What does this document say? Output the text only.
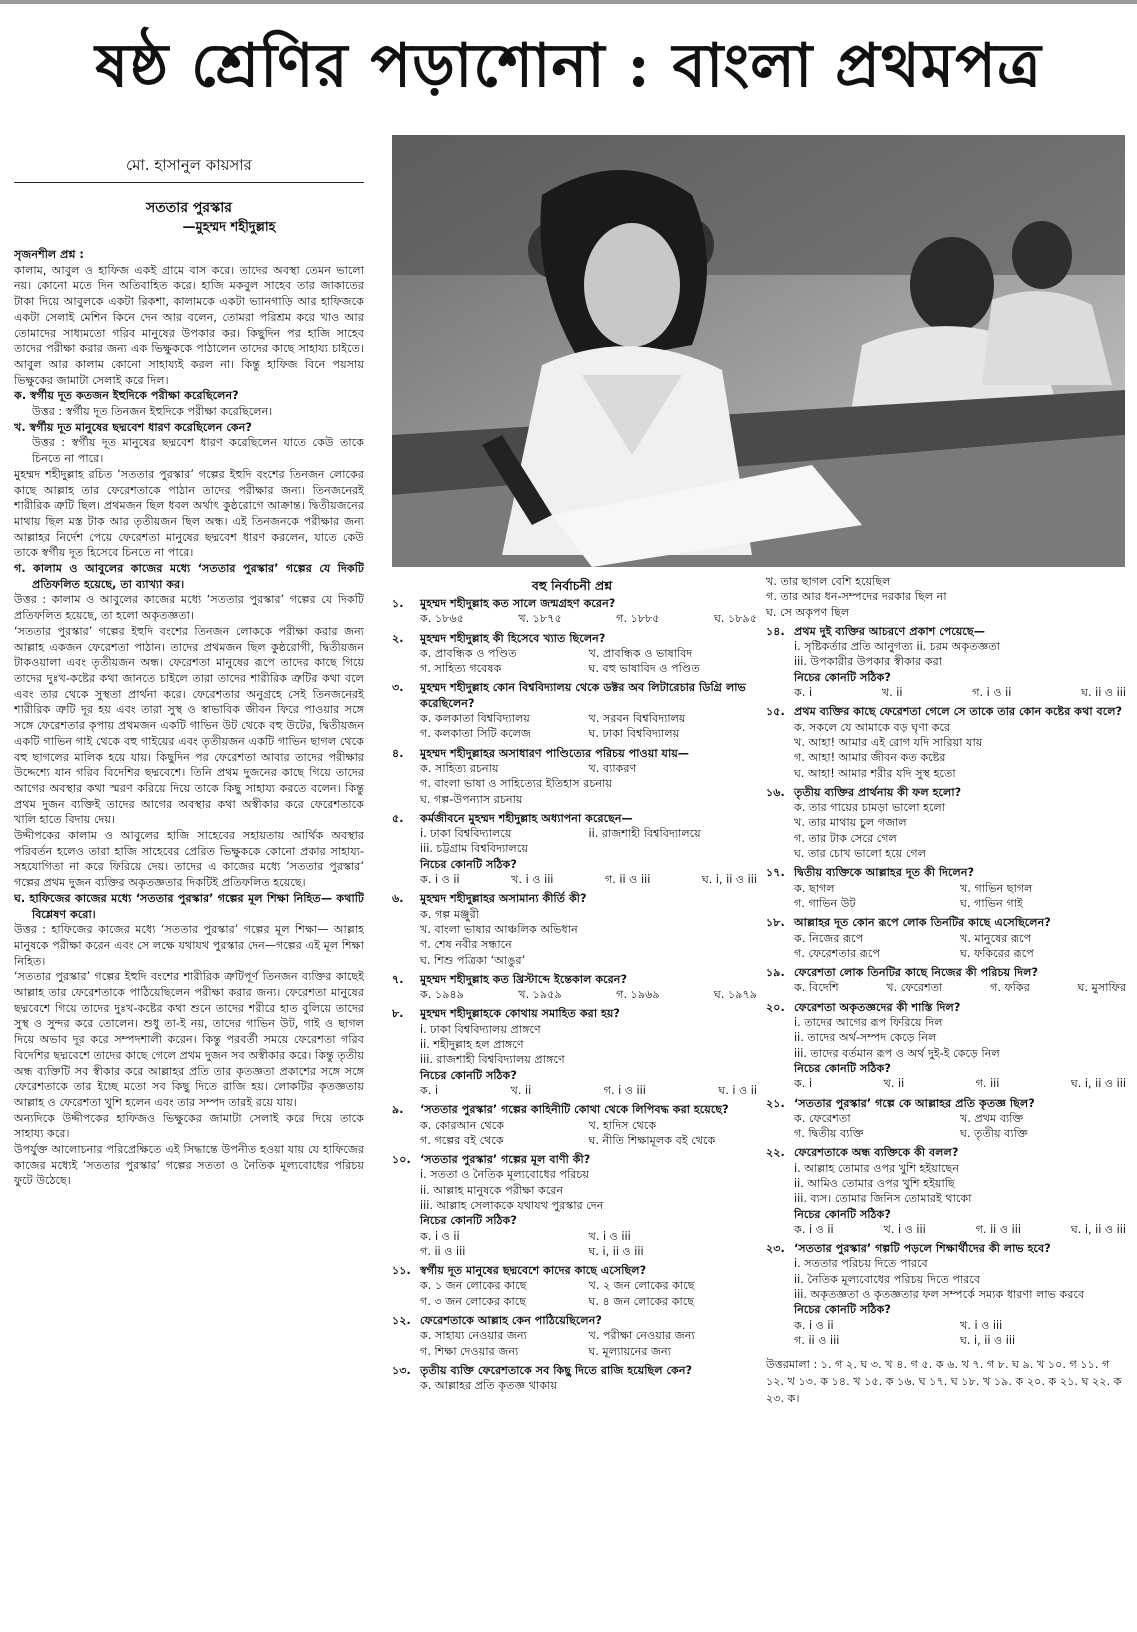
ষষ্ঠ শ্রেণির পড়াশোনা : বাংলা প্রথমপত্র
মো. হাসানুল কায়সার
সততার পুরস্কার
—মুহম্মদ শহীদুল্লাহ

সৃজনশীল প্রশ্ন :

কালাম, আবুল ও হাফিজ একই গ্রামে বাস করে। তাদের অবস্থা তেমন ভালো নয়। কোনো মতে দিন অতিবাহিত করে। হাজি মকবুল সাহেব তার জাকাতের টাকা দিয়ে আবুলকে একটা রিকশা, কালামকে একটা ভ্যানগাড়ি আর হাফিজকে একটা সেলাই মেশিন কিনে দেন আর বলেন, তোমরা পরিশ্রম করে খাও আর তোমাদের সাধ্যমতো গরিব মানুষের উপকার কর। কিছুদিন পর হাজি সাহেব তাদের পরীক্ষা করার জন্য এক ভিক্ষুককে পাঠালেন তাদের কাছে সাহায্য চাইতে। আবুল আর কালাম কোনো সাহায্যই করল না। কিন্তু হাফিজ বিনে পয়সায় ভিক্ষুকের জামাটা সেলাই করে দিল।

ক. স্বর্গীয় দূত কতজন ইহুদিকে পরীক্ষা করেছিলেন?

উত্তর : স্বর্গীয় দূত তিনজন ইহুদিকে পরীক্ষা করেছিলেন।

খ. স্বর্গীয় দূত মানুষের ছদ্মবেশ ধারণ করেছিলেন কেন?

উত্তর : স্বর্গীয় দূত মানুষের ছদ্মবেশ ধারণ করেছিলেন যাতে কেউ তাকে চিনতে না পারে।

মুহম্মদ শহীদুল্লাহ রচিত ‘সততার পুরস্কার’ গল্পের ইহুদি বংশের তিনজন লোকের কাছে আল্লাহ তার ফেরেশতাকে পাঠান তাদের পরীক্ষার জন্য। তিনজনেরই শারীরিক ত্রুটি ছিল। প্রথমজন ছিল ধবল অর্থাৎ কুষ্ঠরোগে আক্রান্ত। দ্বিতীয়জনের মাথায় ছিল মস্ত টাক আর তৃতীয়জন ছিল অন্ধ। এই তিনজনকে পরীক্ষার জন্য আল্লাহর নির্দেশ পেয়ে ফেরেশতা মানুষের ছদ্মবেশ ধারণ করলেন, যাতে কেউ তাকে স্বর্গীয় দূত হিসেবে চিনতে না পারে।

গ. কালাম ও আবুলের কাজের মধ্যে ‘সততার পুরস্কার’ গল্পের যে দিকটি প্রতিফলিত হয়েছে, তা ব্যাখ্যা কর।

উত্তর : কালাম ও আবুলের কাজের মধ্যে ‘সততার পুরস্কার’ গল্পের যে দিকটি প্রতিফলিত হয়েছে, তা হলো অকৃতজ্ঞতা।

‘সততার পুরস্কার’ গল্পের ইহুদি বংশের তিনজন লোককে পরীক্ষা করার জন্য আল্লাহ একজন ফেরেশতা পাঠান। তাদের প্রথমজন ছিল কুষ্ঠরোগী, দ্বিতীয়জন টাকওয়ালা এবং তৃতীয়জন অন্ধ। ফেরেশতা মানুষের রূপে তাদের কাছে গিয়ে তাদের দুঃখ-কষ্টের কথা জানতে চাইলে তারা তাদের শারীরিক ত্রুটির কথা বলে এবং তার থেকে সুস্থতা প্রার্থনা করে। ফেরেশতার অনুগ্রহে সেই তিনজনেরই শারীরিক ত্রুটি দূর হয় এবং তারা সুস্থ ও স্বাভাবিক জীবন ফিরে পাওয়ার সঙ্গে সঙ্গে ফেরেশতার কৃপায় প্রথমজন একটি গাভিন উট থেকে বহু উটের, দ্বিতীয়জন একটি গাভিন গাই থেকে বহু গাইয়ের এবং তৃতীয়জন একটি গাভিন ছাগল থেকে বহু ছাগলের মালিক হয়ে যায়। কিছুদিন পর ফেরেশতা আবার তাদের পরীক্ষার উদ্দেশ্যে যান গরিব বিদেশির ছদ্মবেশে। তিনি প্রথম দুজনের কাছে গিয়ে তাদের আগের অবস্থার কথা স্মরণ করিয়ে দিয়ে তাকে কিছু সাহায্য করতে বলেন। কিন্তু প্রথম দুজন ব্যক্তিই তাদের আগের অবস্থার কথা অস্বীকার করে ফেরেশতাকে খালি হাতে বিদায় দেয়।

উদ্দীপকের কালাম ও আবুলের হাজি সাহেবের সহায়তায় আর্থিক অবস্থার পরিবর্তন হলেও তারা হাজি সাহেবের প্রেরিত ভিক্ষুককে কোনো প্রকার সাহায্য-সহযোগিতা না করে ফিরিয়ে দেয়। তাদের এ কাজের মধ্যে ‘সততার পুরস্কার’ গল্পের প্রথম দুজন ব্যক্তির অকৃতজ্ঞতার দিকটিই প্রতিফলিত হয়েছে।

ঘ. হাফিজের কাজের মধ্যে ‘সততার পুরস্কার’ গল্পের মূল শিক্ষা নিহিত— কথাটি বিশ্লেষণ করো।

উত্তর : হাফিজের কাজের মধ্যে ‘সততার পুরস্কার’ গল্পের মূল শিক্ষা— আল্লাহ মানুষকে পরীক্ষা করেন এবং সে লক্ষে যথাযথ পুরস্কার দেন—গল্পের এই মূল শিক্ষা নিহিত।

‘সততার পুরস্কার’ গল্পের ইহুদি বংশের শারীরিক ত্রুটিপূর্ণ তিনজন ব্যক্তির কাছেই আল্লাহ তার ফেরেশতাকে পাঠিয়েছিলেন পরীক্ষা করার জন্য। ফেরেশতা মানুষের ছদ্মবেশে গিয়ে তাদের দুঃখ-কষ্টের কথা শুনে তাদের শরীরে হাত বুলিয়ে তাদের সুস্থ ও সুন্দর করে তোলেন। শুধু তা-ই নয়, তাদের গাভিন উট, গাই ও ছাগল দিয়ে অভাব দূর করে সম্পদশালী করেন। কিন্তু পরবর্তী সময়ে ফেরেশতা গরিব বিদেশির ছদ্মবেশে তাদের কাছে গেলে প্রথম দুজন সব অস্বীকার করে। কিন্তু তৃতীয় অন্ধ ব্যক্তিটি সব স্বীকার করে আল্লাহর প্রতি তার কৃতজ্ঞতা প্রকাশের সঙ্গে সঙ্গে ফেরেশতাকে তার ইচ্ছে মতো সব কিছু দিতে রাজি হয়। লোকটির কৃতজ্ঞতায় আল্লাহ ও ফেরেশতা খুশি হলেন এবং তার সম্পদ তারই রয়ে যায়।

অন্যদিকে উদ্দীপকের হাফিজও ভিক্ষুকের জামাটা সেলাই করে দিয়ে তাকে সাহায্য করে।

উপর্যুক্ত আলোচনার পরিপ্রেক্ষিতে এই সিদ্ধান্তে উপনীত হওয়া যায় যে হাফিজের কাজের মধ্যেই ‘সততার পুরস্কার’ গল্পের সততা ও নৈতিক মূল্যবোধের পরিচয় ফুটে উঠেছে।

বহু নির্বাচনী প্রশ্ন
১.	মুহম্মদ শহীদুল্লাহ কত সালে জন্মগ্রহণ করেন?
ক. ১৮৬৫	খ. ১৮৭৫	গ. ১৮৮৫	ঘ. ১৮৯৫
২.	মুহম্মদ শহীদুল্লাহ কী হিসেবে খ্যাত ছিলেন?
ক. প্রাবন্ধিক ও পণ্ডিত	খ. প্রাবন্ধিক ও ভাষাবিদ
গ. সাহিত্য গবেষক	ঘ. বহু ভাষাবিদ ও পণ্ডিত
৩.	মুহম্মদ শহীদুল্লাহ কোন বিশ্ববিদ্যালয় থেকে ডক্টর অব লিটারেচার ডিগ্রি লাভ করেছিলেন?
ক. কলকাতা বিশ্ববিদ্যালয়	খ. সরবন বিশ্ববিদ্যালয়
গ. কলকাতা সিটি কলেজ	ঘ. ঢাকা বিশ্ববিদ্যালয়
৪.	মুহম্মদ শহীদুল্লাহর অসাধারণ পাণ্ডিত্যের পরিচয় পাওয়া যায়—
ক. সাহিত্য রচনায়	খ. ব্যাকরণ
গ. বাংলা ভাষা ও সাহিত্যের ইতিহাস রচনায়
ঘ. গল্প-উপন্যাস রচনায়
৫.	কর্মজীবনে মুহম্মদ শহীদুল্লাহ অধ্যাপনা করেছেন—
i. ঢাকা বিশ্ববিদ্যালয়ে	ii. রাজশাহী বিশ্ববিদ্যালয়ে
iii. চট্টগ্রাম বিশ্ববিদ্যালয়ে
নিচের কোনটি সঠিক?
ক. i ও ii	খ. i ও iii	গ. ii ও iii	ঘ. i, ii ও iii
৬.	মুহম্মদ শহীদুল্লাহর অসামান্য কীর্তি কী?
ক. গল্প মঞ্জুরী
খ. বাংলা ভাষার আঞ্চলিক অভিধান
গ. শেষ নবীর সন্ধানে
ঘ. শিশু পত্রিকা ‘আঙুর’
৭.	মুহম্মদ শহীদুল্লাহ কত খ্রিস্টাব্দে ইন্তেকাল করেন?
ক. ১৯৪৯	খ. ১৯৫৯	গ. ১৯৬৯	ঘ. ১৯৭৯
৮.	মুহম্মদ শহীদুল্লাহকে কোথায় সমাহিত করা হয়?
i. ঢাকা বিশ্ববিদ্যালয় প্রাঙ্গণে
ii. শহীদুল্লাহ হল প্রাঙ্গণে
iii. রাজশাহী বিশ্ববিদ্যালয় প্রাঙ্গণে
নিচের কোনটি সঠিক?
ক. i	খ. ii	গ. i ও iii	ঘ. i ও ii
৯.	‘সততার পুরস্কার’ গল্পের কাহিনীটি কোথা থেকে লিপিবদ্ধ করা হয়েছে?
ক. কোরআন থেকে	খ. হাদিস থেকে
গ. গল্পের বই থেকে	ঘ. নীতি শিক্ষামূলক বই থেকে
১০. ‘সততার পুরস্কার’ গল্পের মূল বাণী কী?
i. সততা ও নৈতিক মূল্যবোধের পরিচয়
ii. আল্লাহ মানুষকে পরীক্ষা করেন
iii. আল্লাহ সেলাককে যথাযথ পুরস্কার দেন
নিচের কোনটি সঠিক?
ক. i ও ii	খ. i ও iii
গ. ii ও iii	ঘ. i, ii ও iii
১১. স্বর্গীয় দূত মানুষের ছদ্মবেশে কাদের কাছে এসেছিল?
ক. ১ জন লোকের কাছে	খ. ২ জন লোকের কাছে
গ. ৩ জন লোকের কাছে	ঘ. ৪ জন লোকের কাছে
১২. ফেরেশতাকে আল্লাহ কেন পাঠিয়েছিলেন?
ক. সাহায্য নেওয়ার জন্য	খ. পরীক্ষা নেওয়ার জন্য
গ. শিক্ষা দেওয়ার জন্য	ঘ. মূল্যায়নের জন্য
১৩. তৃতীয় ব্যক্তি ফেরেশতাকে সব কিছু দিতে রাজি হয়েছিল কেন?
ক. আল্লাহর প্রতি কৃতজ্ঞ থাকায়
খ. তার ছাগল বেশি হয়েছিল
গ. তার আর ধন-সম্পদের দরকার ছিল না
ঘ. সে অকৃপণ ছিল
১৪. প্রথম দুই ব্যক্তির আচরণে প্রকাশ পেয়েছে—
i. সৃষ্টিকর্তার প্রতি আনুগত্য ii. চরম অকৃতজ্ঞতা
iii. উপকারীর উপকার স্বীকার করা
নিচের কোনটি সঠিক?
ক. i	খ. ii	গ. i ও ii	ঘ. ii ও iii
১৫. প্রথম ব্যক্তির কাছে ফেরেশতা গেলে সে তাকে তার কোন কষ্টের কথা বলে?
ক. সকলে যে আমাকে বড় ঘৃণা করে
খ. আহা! আমার এই রোগ যদি সারিয়া যায়
গ. আহা! আমার জীবন কত কষ্টের
ঘ. আহা! আমার শরীর যদি সুস্থ হতো
১৬. তৃতীয় ব্যক্তির প্রার্থনায় কী ফল হলো?
ক. তার গায়ের চামড়া ভালো হলো
খ. তার মাথায় চুল গজাল
গ. তার টাক সেরে গেল
ঘ. তার চোখ ভালো হয়ে গেল
১৭. দ্বিতীয় ব্যক্তিকে আল্লাহর দূত কী দিলেন?
ক. ছাগল	খ. গাভিন ছাগল
গ. গাভিন উট	ঘ. গাভিন গাই
১৮. আল্লাহর দূত কোন রূপে লোক তিনটির কাছে এসেছিলেন?
ক. নিজের রূপে	খ. মানুষের রূপে
গ. ফেরেশতার রূপে	ঘ. ফকিরের রূপে
১৯. ফেরেশতা লোক তিনটির কাছে নিজের কী পরিচয় দিল?
ক. বিদেশি	খ. ফেরেশতা	গ. ফকির	ঘ. মুসাফির
২০. ফেরেশতা অকৃতজ্ঞদের কী শাস্তি দিল?
i. তাদের আগের রূপ ফিরিয়ে দিল
ii. তাদের অর্থ-সম্পদ কেড়ে নিল
iii. তাদের বর্তমান রূপ ও অর্থ দুই-ই কেড়ে নিল
নিচের কোনটি সঠিক?
ক. i	খ. ii	গ. iii	ঘ. i, ii ও iii
২১. ‘সততার পুরস্কার’ গল্পে কে আল্লাহর প্রতি কৃতজ্ঞ ছিল?
ক. ফেরেশতা	খ. প্রথম ব্যক্তি
গ. দ্বিতীয় ব্যক্তি	ঘ. তৃতীয় ব্যক্তি
২২. ফেরেশতাকে অন্ধ ব্যক্তিকে কী বলল?
i. আল্লাহ তোমার ওপর খুশি হইয়াছেন
ii. আমিও তোমার ওপর খুশি হইয়াছি
iii. ব্যস। তোমার জিনিস তোমারই থাকো
নিচের কোনটি সঠিক?
ক. i ও ii	খ. i ও iii	গ. ii ও iii	ঘ. i, ii ও iii
২৩. ‘সততার পুরস্কার’ গল্পটি পড়লে শিক্ষার্থীদের কী লাভ হবে?
i. সততার পরিচয় দিতে পারবে
ii. নৈতিক মূল্যবোধের পরিচয় দিতে পারবে
iii. অকৃতজ্ঞতা ও কৃতজ্ঞতার ফল সম্পর্কে সম্যক ধারণা লাভ করবে
নিচের কোনটি সঠিক?
ক. i ও ii	খ. i ও iii
গ. ii ও iii	ঘ. i, ii ও iii
উত্তরমালা : ১. গ ২. ঘ ৩. খ ৪. গ ৫. ক ৬. খ ৭. গ ৮. ঘ ৯. খ ১০. গ ১১. গ ১২. খ ১৩. ক ১৪. খ ১৫. ক ১৬. ঘ ১৭. ঘ ১৮. খ ১৯. ক ২০. ক ২১. ঘ ২২. ক ২৩. ক।
